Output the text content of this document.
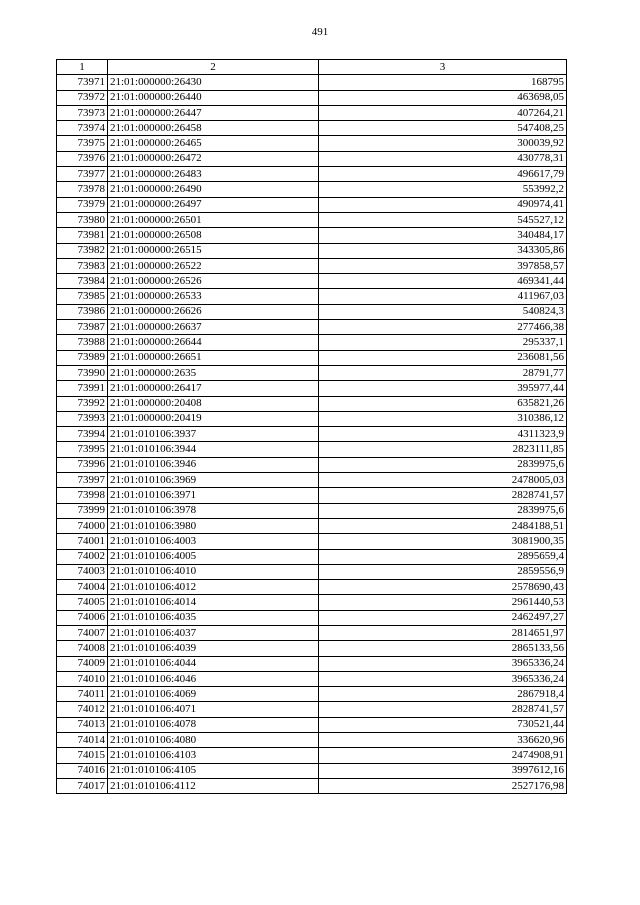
491
1	2	3
73971	21:01:000000:26430	168795
73972	21:01:000000:26440	463698,05
73973	21:01:000000:26447	407264,21
73974	21:01:000000:26458	547408,25
73975	21:01:000000:26465	300039,92
73976	21:01:000000:26472	430778,31
73977	21:01:000000:26483	496617,79
73978	21:01:000000:26490	553992,2
73979	21:01:000000:26497	490974,41
73980	21:01:000000:26501	545527,12
73981	21:01:000000:26508	340484,17
73982	21:01:000000:26515	343305,86
73983	21:01:000000:26522	397858,57
73984	21:01:000000:26526	469341,44
73985	21:01:000000:26533	411967,03
73986	21:01:000000:26626	540824,3
73987	21:01:000000:26637	277466,38
73988	21:01:000000:26644	295337,1
73989	21:01:000000:26651	236081,56
73990	21:01:000000:2635	28791,77
73991	21:01:000000:26417	395977,44
73992	21:01:000000:20408	635821,26
73993	21:01:000000:20419	310386,12
73994	21:01:010106:3937	4311323,9
73995	21:01:010106:3944	2823111,85
73996	21:01:010106:3946	2839975,6
73997	21:01:010106:3969	2478005,03
73998	21:01:010106:3971	2828741,57
73999	21:01:010106:3978	2839975,6
74000	21:01:010106:3980	2484188,51
74001	21:01:010106:4003	3081900,35
74002	21:01:010106:4005	2895659,4
74003	21:01:010106:4010	2859556,9
74004	21:01:010106:4012	2578690,43
74005	21:01:010106:4014	2961440,53
74006	21:01:010106:4035	2462497,27
74007	21:01:010106:4037	2814651,97
74008	21:01:010106:4039	2865133,56
74009	21:01:010106:4044	3965336,24
74010	21:01:010106:4046	3965336,24
74011	21:01:010106:4069	2867918,4
74012	21:01:010106:4071	2828741,57
74013	21:01:010106:4078	730521,44
74014	21:01:010106:4080	336620,96
74015	21:01:010106:4103	2474908,91
74016	21:01:010106:4105	3997612,16
74017	21:01:010106:4112	2527176,98
